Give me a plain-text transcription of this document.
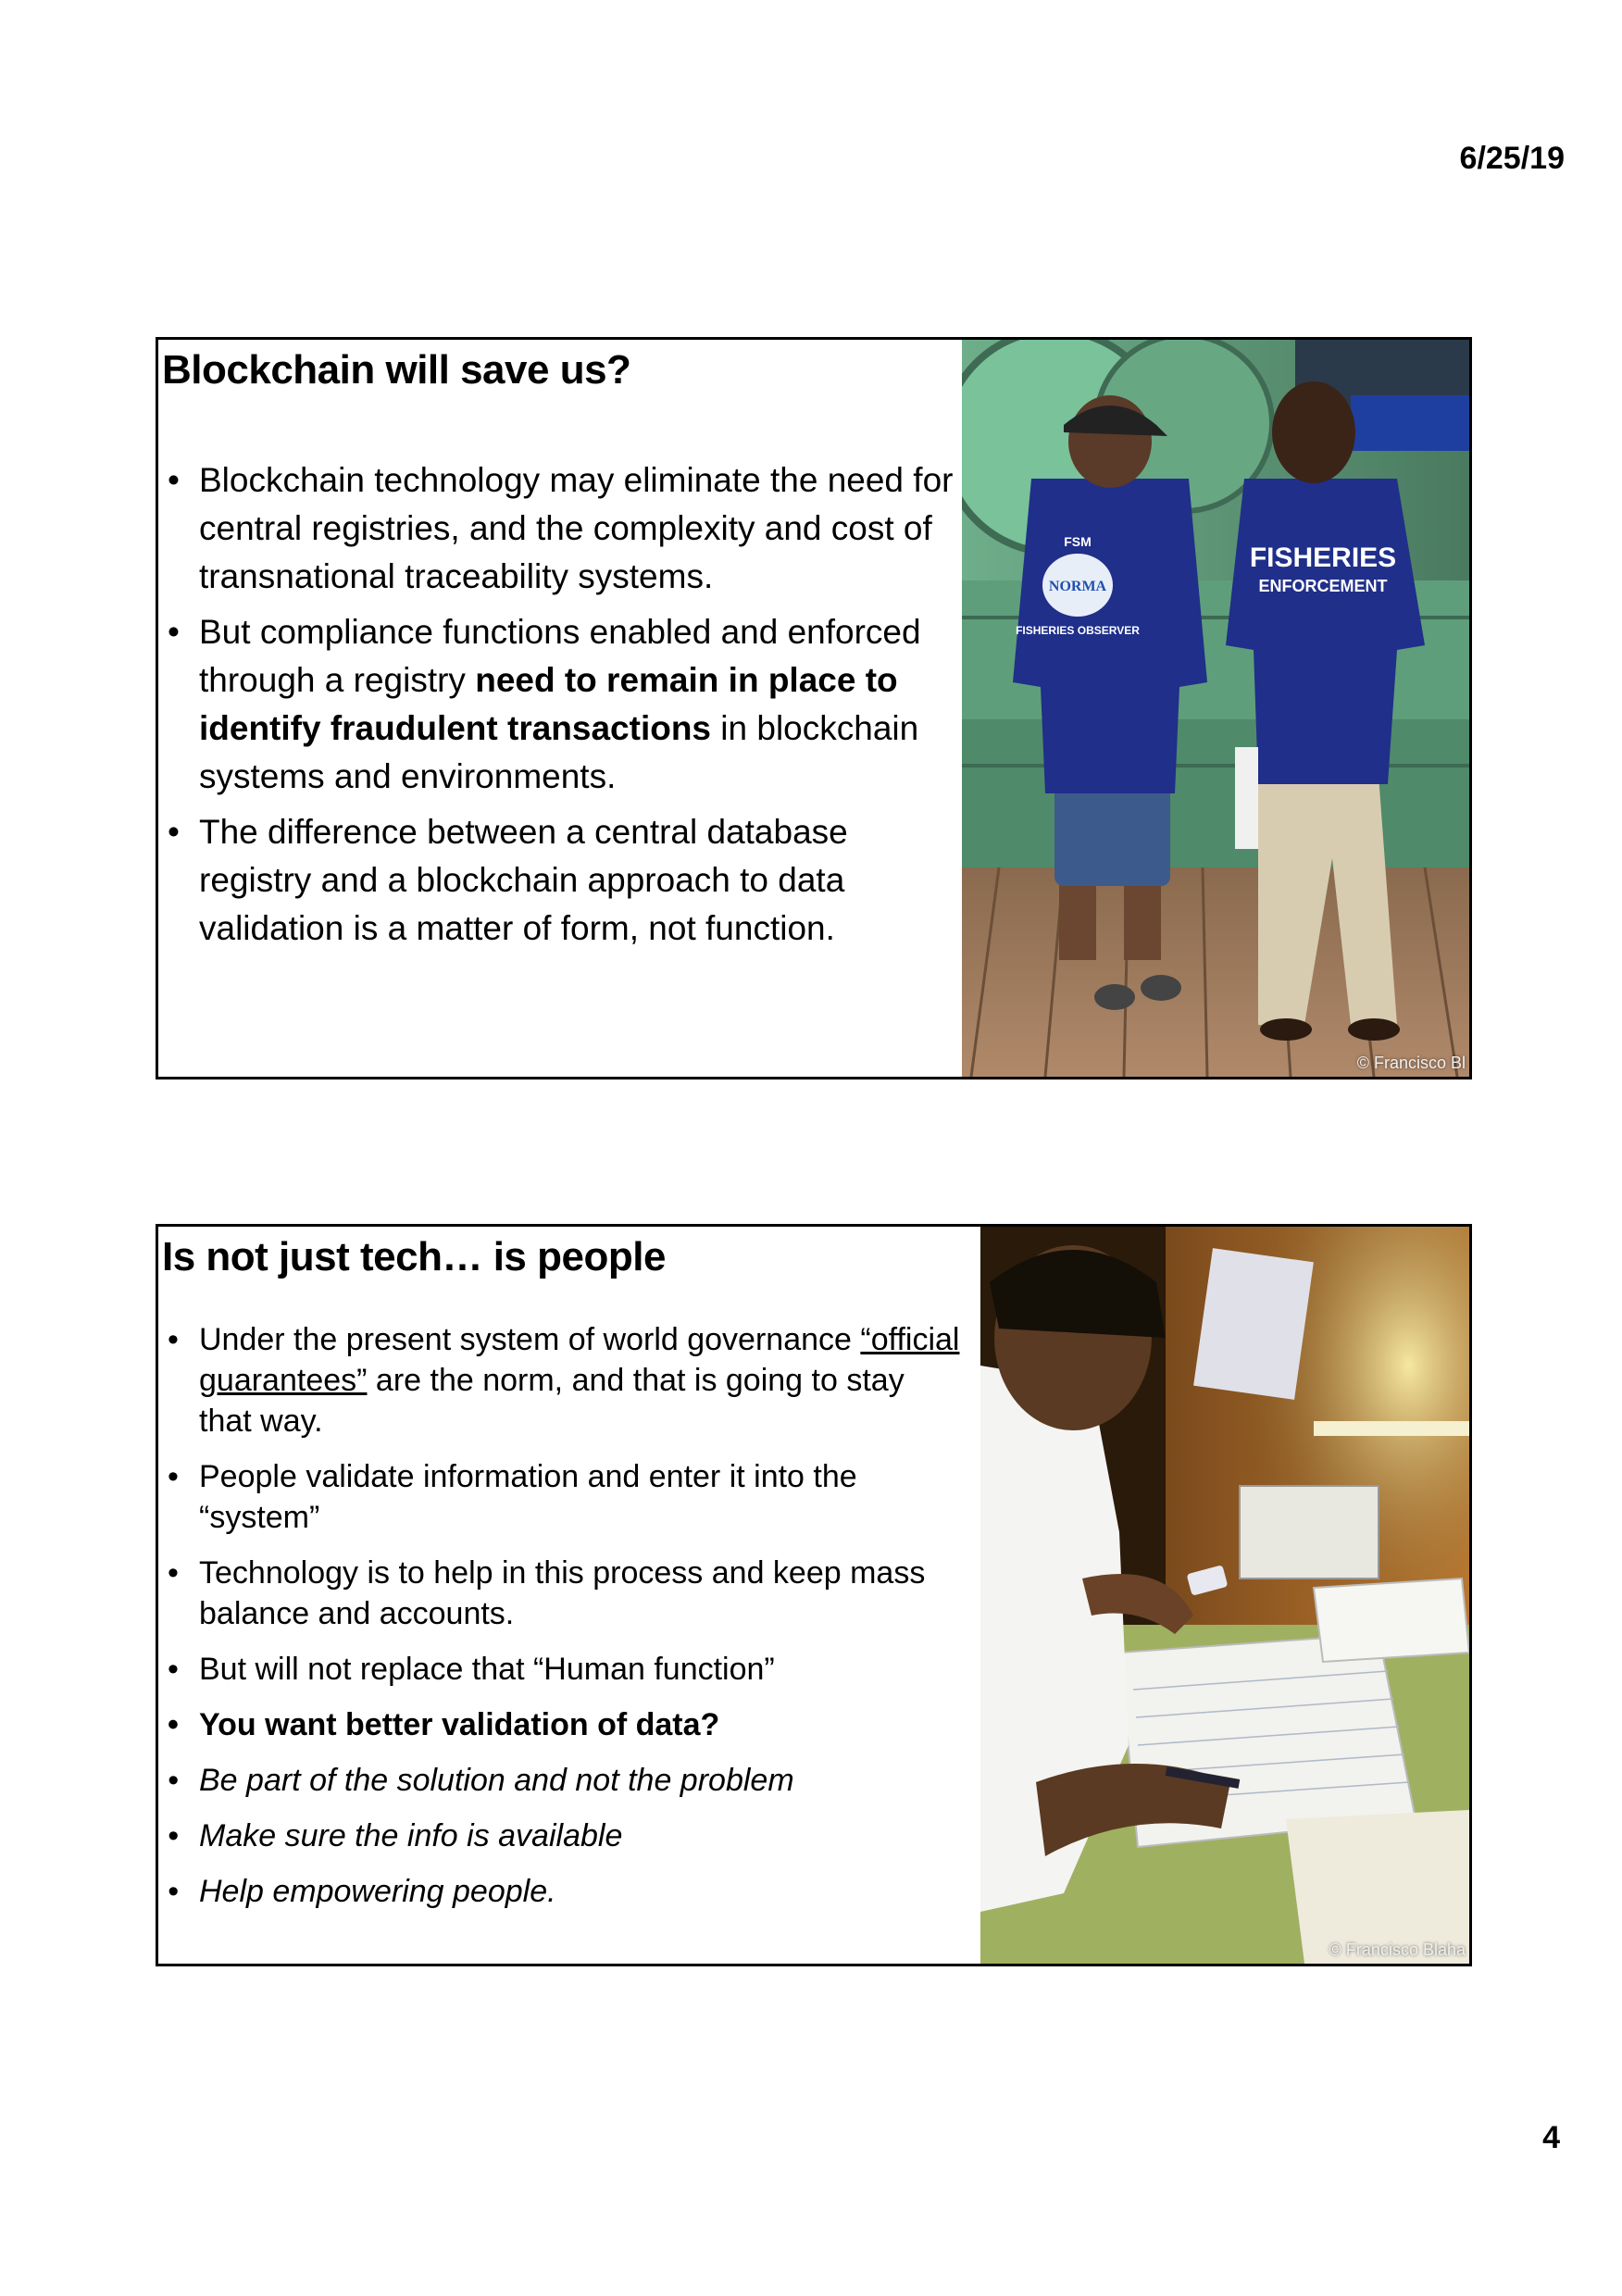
6/25/19
Blockchain will save us?
• Blockchain technology may eliminate the need for central registries, and the complexity and cost of transnational traceability systems.
• But compliance functions enabled and enforced through a registry need to remain in place to identify fraudulent transactions in blockchain systems and environments.
• The difference between a central database registry and a blockchain approach to data validation is a matter of form, not function.
FSM
NORMA
FISHERIES OBSERVER
FISHERIES
ENFORCEMENT
© Francisco Bl
Is not just tech… is people
• Under the present system of world governance “official guarantees” are the norm, and that is going to stay that way.
• People validate information and enter it into the “system”
• Technology is to help in this process and keep mass balance and accounts.
• But will not replace that “Human function”
• You want better validation of data?
• Be part of the solution and not the problem
• Make sure the info is available
• Help empowering people.
© Francisco Blaha
4
